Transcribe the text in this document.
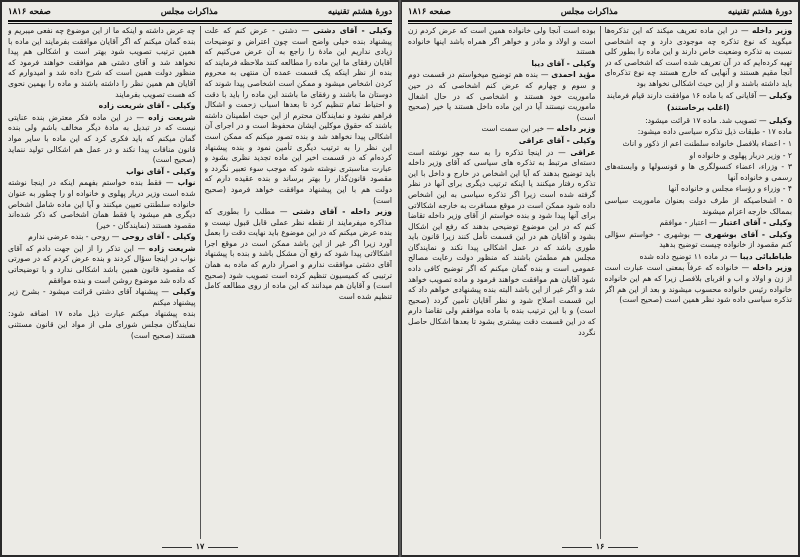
دورهٔ هشتم تقنینیه
مذاکرات مجلس
صفحه ۱۸۱۶
وکیلی - آقای دشتی — دشتی - عرض کنم که علت پیشنهاد بنده خیلی واضح است چون اعتراض و توضیحات زیادی نداریم این مادهٔ را راجع به آن عرض می‌کنیم که آقایان رفقای ما این ماده را مطالعه کنند ملاحظه فرمایند که بنده از نظر اینکه یک قسمت عمده آن منتهی به محروم کردن اشخاص میشود و ممکن است اشخاصی پیدا شوند که دوستان ما باشند و رفقای ما باشند این ماده را باید با دقت و احتیاط تمام تنظیم کرد تا بعدها اسباب زحمت و اشکال فراهم نشود و نمایندگان محترم از این حیث اطمینان داشته باشند که حقوق موکلین ایشان محفوظ است و در اجرای آن اشکالی پیدا نخواهد شد و بنده تصور میکنم که ممکن است این نظر را به ترتیب دیگری تأمین نمود و بنده پیشنهاد کرده‌ام که در قسمت اخیر این ماده تجدید نظری بشود و عبارت مناسبتری نوشته شود که موجب سوء تعبیر نگردد و مقصود قانون‌گذار را بهتر برساند و بنده عقیده دارم که دولت هم با این پیشنهاد موافقت خواهد فرمود (صحیح است)
وزیر داخله - آقای دشتی — مطلب را بطوری که مذاکره میفرمایند از نقطه نظر عملی قابل قبول نیست و بنده عرض میکنم که در این موضوع باید نهایت دقت را بعمل آورد زیرا اگر غیر از این باشد ممکن است در موقع اجرا اشکالاتی پیدا شود که رفع آن مشکل باشد و بنده با پیشنهاد آقای دشتی موافقت ندارم و اصرار دارم که ماده به همان ترتیبی که کمیسیون تنظیم کرده است تصویب شود (صحیح است) و آقایان هم میدانند که این ماده از روی مطالعه کامل تنظیم شده است
چه عرض داشته و اینکه ما از این موضوع چه نفعی میبریم و بنده گمان میکنم که اگر آقایان موافقت بفرمایند این ماده با همین ترتیب تصویب شود بهتر است و اشکالی هم پیدا نخواهد شد و آقای دشتی هم موافقت خواهند فرمود که منظور دولت همین است که شرح داده شد و امیدوارم که آقایان هم همین نظر را داشته باشند و ماده را بهمین نحوی که هست تصویب بفرمایند
وکیلی - آقای شریعت زاده
شریعت زاده — در این ماده فکر معترض بنده عنایتی نیست که در تبدیل به مادهٔ دیگر مخالف باشم ولی بنده گمان میکنم که باید فکری کرد که این ماده با سایر مواد قانون منافات پیدا نکند و در عمل هم اشکالی تولید ننماید (صحیح است)
وکیلی - آقای نواب
نواب — فقط بنده خواستم بفهمم اینکه در اینجا نوشته شده است وزیر دربار پهلوی و خانواده او را چطور به عنوان خانواده سلطنتی تعیین میکنند و آیا این ماده شامل اشخاص دیگری هم میشود یا فقط همان اشخاصی که ذکر شده‌اند مقصود هستند (نمایندگان - خیر)
وکیلی - آقای روحی — روحی - بنده عرضی ندارم
شریعت زاده — این تذکر را از این جهت دادم که آقای نواب در اینجا سؤال کردند و بنده عرض کردم که در صورتی که مقصود قانون همین باشد اشکالی ندارد و با توضیحاتی که داده شد موضوع روشن است و بنده موافقم
وکیلی — پیشنهاد آقای دشتی قرائت میشود - بشرح زیر پیشنهاد میکنم
بنده پیشنهاد میکنم عبارت ذیل ماده ۱۷ اضافه شود: نمایندگان مجلس شورای ملی از مواد این قانون مستثنی هستند (صحیح است)
۱۷
دورهٔ هشتم تقنینیه
مذاکرات مجلس
صفحه ۱۸۱۶
وزیر داخله — در این ماده تعریف میکند که این تذکره‌ها میگوید که نوع تذکره چه موجودی دارد و چه اشخاصی نسبت به تذکره وضعیت خاص دارند و این ماده را بطور کلی تهیه کرده‌ایم که در آن تعریف شده است که اشخاصی که در آنجا مقیم هستند و آنهایی که خارج هستند چه نوع تذکره‌ای باید داشته باشند و از این حیث اشکالی نخواهد بود
وکیلی — آقایانی که با ماده ۱۶ موافقت دارند قیام فرمایند
(اغلب برخاستند)
وکیلی — تصویب شد. ماده ۱۷ قرائت میشود:
ماده ۱۷ - طبقات ذیل تذکره سیاسی داده میشود:
۱ - اعضاء بلافصل خانواده سلطنت اعم از ذکور و اناث
۲ - وزیر دربار پهلوی و خانواده او
۳ - وزراء، اعضاء کنسولگری ها و قونسولها و وابسته‌های رسمی و خانواده آنها
۴ - وزراء و رؤساء مجلس و خانواده آنها
۵ - اشخاصیکه از طرف دولت بعنوان ماموریت سیاسی بممالک خارجه اعزام میشوند
وکیلی - آقای اعتبار — اعتبار - موافقم
وکیلی - آقای بوشهری — بوشهری - خواستم سؤالی کنم مقصود از خانواده چیست توضیح بدهید
طباطبائی دیبا — در ماده ۱۱ توضیح داده شده
وزیر داخله — خانواده که عرفاً بمعنی است عبارت است از زن و اولاد و اب و اقربای بلافصل زیرا که هم این خانواده خانواده رئیس خانواده محسوب میشوند و بعد از این هم اگر تذکره سیاسی داده شود نظر همین است (صحیح است)
بوده است آنجا ولی خانواده همین است که عرض کردم زن است و اولاد و مادر و خواهر اگر همراه باشد اینها خانواده هستند
وکیلی - آقای دیبا
مؤید احمدی — بنده هم توضیح میخواستم در قسمت دوم و سوم و چهارم که عرض کنم اشخاصی که در حین ماموریت خود هستند و اشخاصی که در حال اشغال ماموریت نیستند آیا در این ماده داخل هستند یا خیر (صحیح است)
وزیر داخله — خیر این سمت است
وکیلی - آقای عراقی
عراقی — در اینجا تذکره را به سه جور نوشته است دسته‌ای مرتبط به تذکره های سیاسی که آقای وزیر داخله باید توضیح بدهند که آیا این اشخاص در خارج و داخل با این تذکره رفتار میکنند یا اینکه ترتیب دیگری برای آنها در نظر گرفته شده است زیرا اگر تذکره سیاسی به این اشخاص داده شود ممکن است در موقع مسافرت به خارجه اشکالاتی برای آنها پیدا شود و بنده خواستم از آقای وزیر داخله تقاضا کنم که در این موضوع توضیحی بدهند که رفع این اشکال بشود و آقایان هم در این قسمت تأمل کنند زیرا قانون باید طوری باشد که در عمل اشکالی پیدا نکند و نمایندگان مجلس هم مطمئن باشند که منظور دولت رعایت مصالح عمومی است و بنده گمان میکنم که اگر توضیح کافی داده شود آقایان هم موافقت خواهند فرمود و ماده تصویب خواهد شد و اگر غیر از این باشد البته بنده پیشنهادی خواهم داد که این قسمت اصلاح شود و نظر آقایان تأمین گردد (صحیح است) و با این ترتیب بنده با ماده موافقم ولی تقاضا دارم که در این قسمت دقت بیشتری بشود تا بعدها اشکال حاصل نگردد
۱۶
